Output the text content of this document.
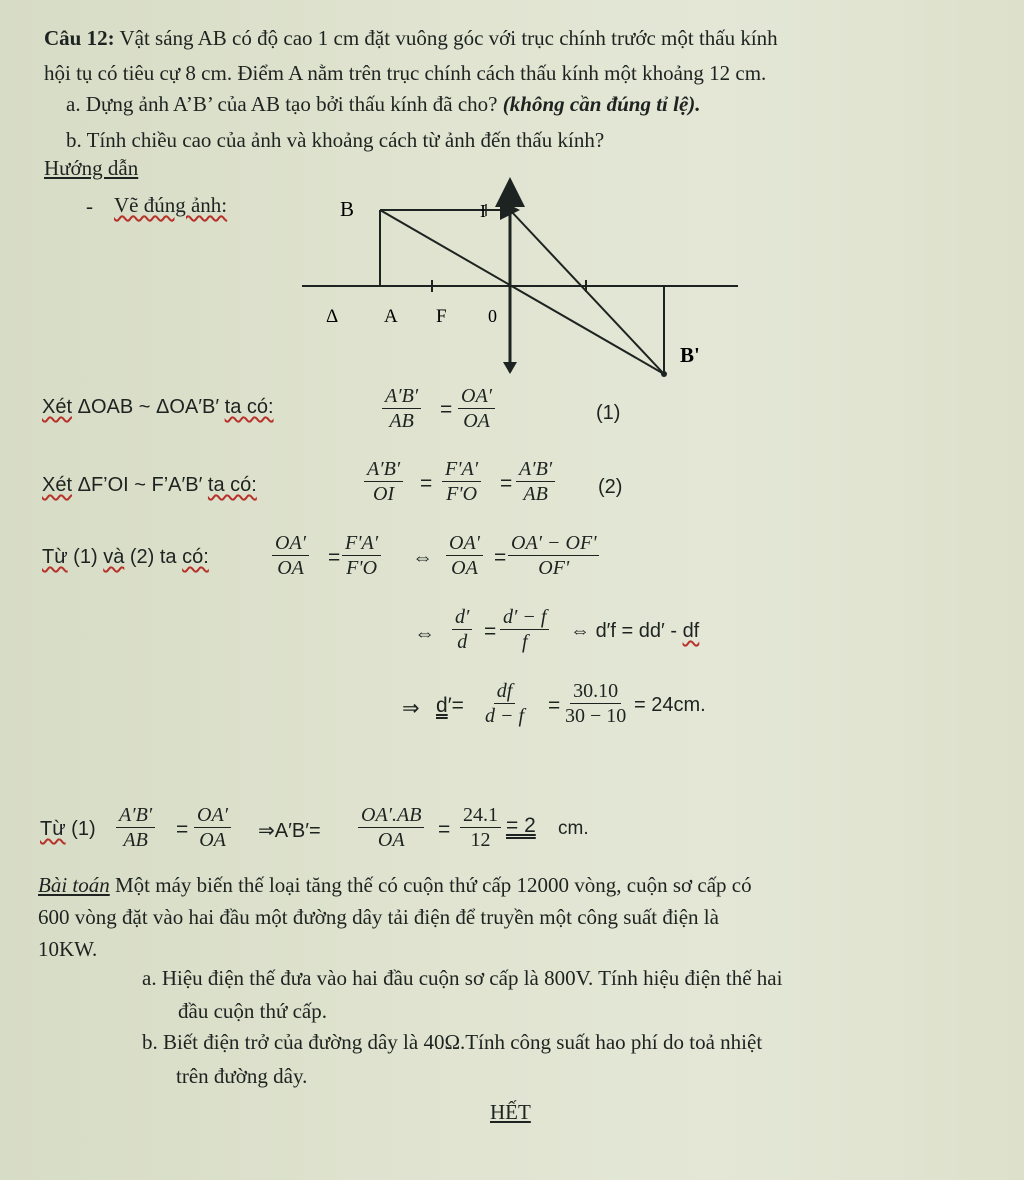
Câu 12: Vật sáng AB có độ cao 1 cm đặt vuông góc với trục chính trước một thấu kính
hội tụ có tiêu cự 8 cm. Điểm A nằm trên trục chính cách thấu kính một khoảng 12 cm.
a. Dựng ảnh A’B’ của AB tạo bởi thấu kính đã cho? (không cần đúng tỉ lệ).
b. Tính chiều cao của ảnh và khoảng cách từ ảnh đến thấu kính?
Hướng dẫn
- Vẽ đúng ảnh:	B	I
Δ A F 0
B'
Xét ΔOAB ~ ΔOA′B′ ta có:	$\frac{A'B'}{AB} = \frac{OA'}{OA}$	(1)
Xét ΔF’OI ~ F’A′B′ ta có:	$\frac{A'B'}{OI} = \frac{F'A'}{F'O} = \frac{A'B'}{AB} (2)$
Từ (1) và (2) ta có:	$\frac{OA'}{OA} = \frac{F'A'}{F'O}$ ⇔ $\frac{OA'}{OA} = \frac{OA' - OF'}{OF'}$
⇔ $\frac{d'}{d} = \frac{d' - f}{f}$ ⇔ d′f = dd′ - df
⇒ $d'= \frac{df}{d - f} = \frac{30.10}{30 - 10} = 24cm$.
Từ $(1) \frac{A'B'}{AB} = \frac{OA'}{OA}$ ⇒A′B′= $\frac{OA'.AB}{OA} = \frac{24.1}{12} = 2$ cm.
Bài toán Một máy biến thế loại tăng thế có cuộn thứ cấp 12000 vòng, cuộn sơ cấp có
600 vòng đặt vào hai đầu một đường dây tải điện để truyền một công suất điện là
10KW.
a. Hiệu điện thế đưa vào hai đầu cuộn sơ cấp là 800V. Tính hiệu điện thế hai
đầu cuộn thứ cấp.
b. Biết điện trở của đường dây là 40Ω.Tính công suất hao phí do toả nhiệt
trên đường dây.
HẾT
